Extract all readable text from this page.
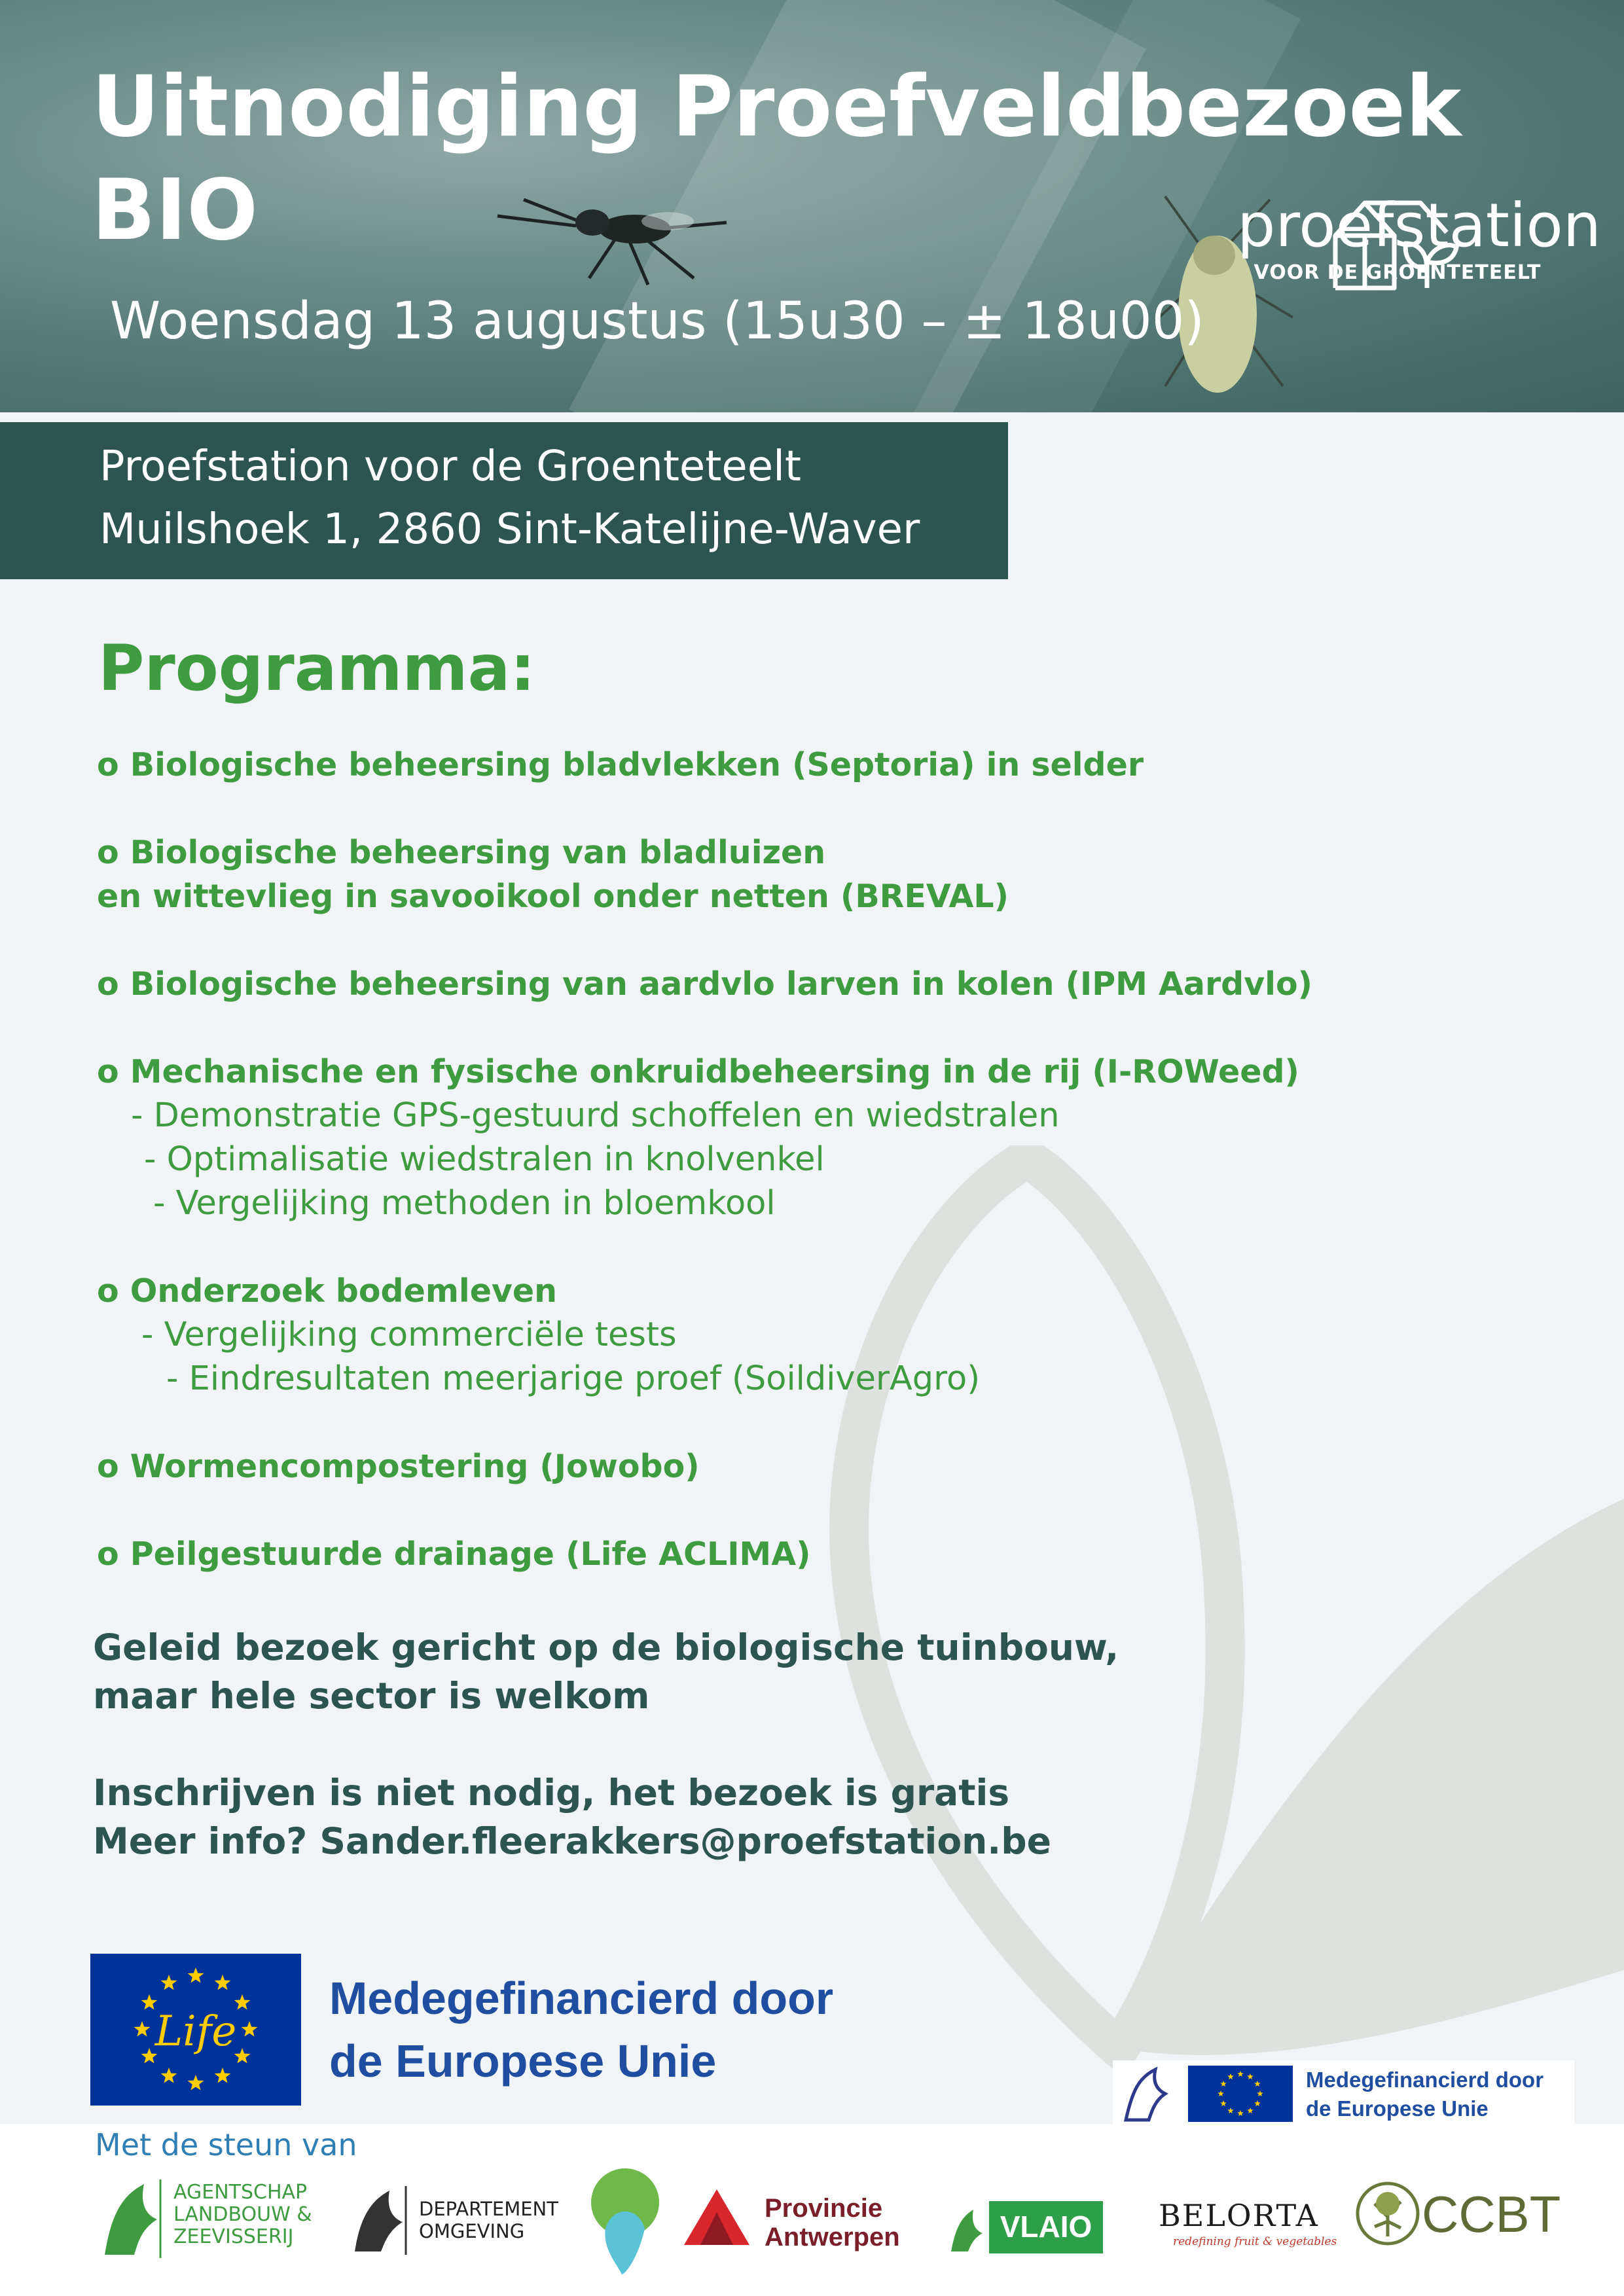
Uitnodiging Proefveldbezoek
BIO
Woensdag 13 augustus (15u30 – ± 18u00)
proefstation
VOOR DE GROENTETEELT
Proefstation voor de Groenteteelt
Muilshoek 1, 2860 Sint-Katelijne-Waver
Programma:
o Biologische beheersing bladvlekken (Septoria) in selder
o Biologische beheersing van bladluizen
en wittevlieg in savooikool onder netten (BREVAL)
o Biologische beheersing van aardvlo larven in kolen (IPM Aardvlo)
o Mechanische en fysische onkruidbeheersing in de rij (I-ROWeed)
- Demonstratie GPS-gestuurd schoffelen en wiedstralen
- Optimalisatie wiedstralen in knolvenkel
- Vergelijking methoden in bloemkool
o Onderzoek bodemleven
- Vergelijking commerciële tests
- Eindresultaten meerjarige proef (SoildiverAgro)
o Wormencompostering (Jowobo)
o Peilgestuurde drainage (Life ACLIMA)
Geleid bezoek gericht op de biologische tuinbouw,
maar hele sector is welkom
Inschrijven is niet nodig, het bezoek is gratis
Meer info? Sander.fleerakkers@proefstation.be
Life
Medegefinancierd door
de Europese Unie	Medegefinancierd door
de Europese Unie
Met de steun van
AGENTSCHAP
LANDBOUW &
ZEEVISSERIJ
DEPARTEMENT
OMGEVING
Provincie
Antwerpen	VLAIO BELORTA
redefining fruit & vegetables CCBT
